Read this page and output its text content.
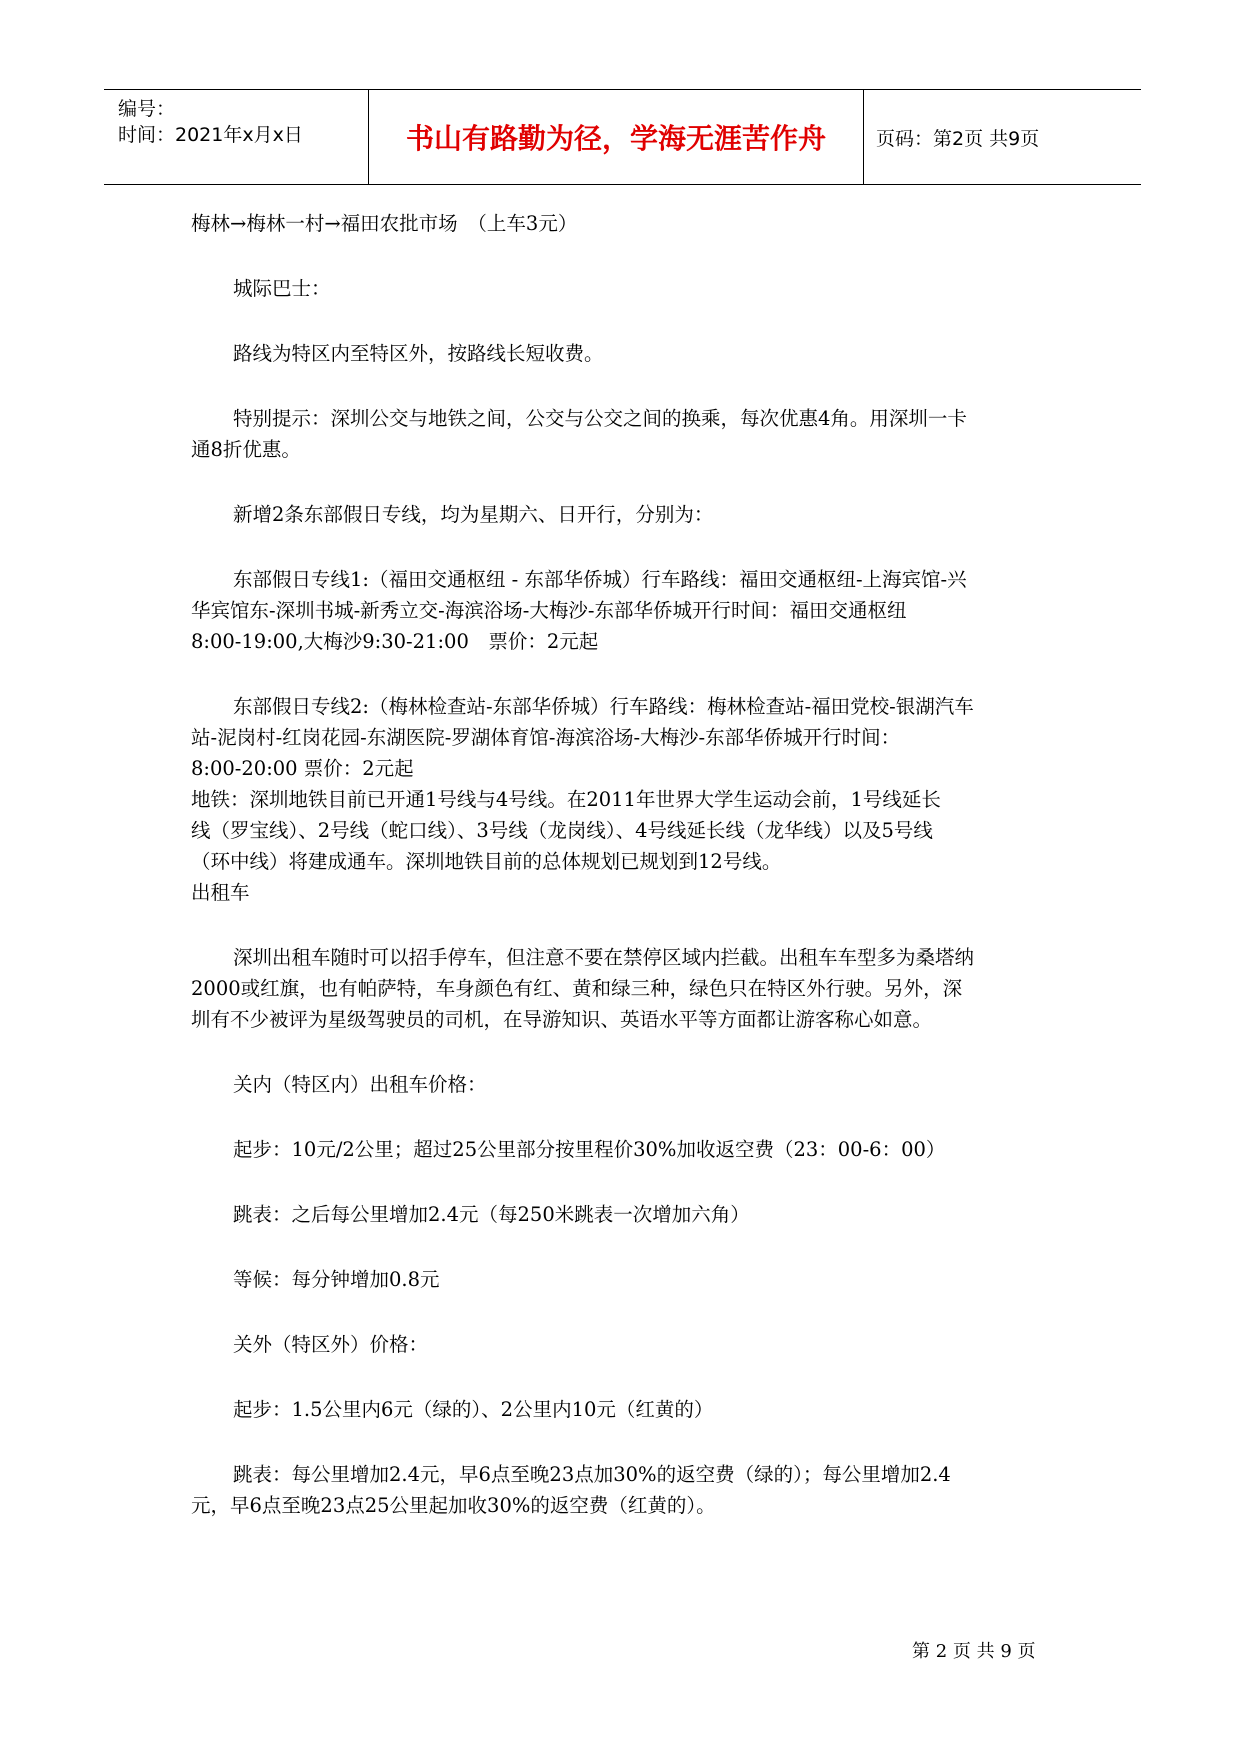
编号：
时间：2021年x月x日	书山有路勤为径，学海无涯苦作舟	页码：第2页 共9页
梅林→梅林一村→福田农批市场　（上车3元）
城际巴士：
路线为特区内至特区外，按路线长短收费。
特别提示：深圳公交与地铁之间，公交与公交之间的换乘，每次优惠4角。用深圳一卡
通8折优惠。
新增2条东部假日专线，均为星期六、日开行，分别为：
东部假日专线1:（福田交通枢纽 - 东部华侨城）行车路线：福田交通枢纽-上海宾馆-兴
华宾馆东-深圳书城-新秀立交-海滨浴场-大梅沙-东部华侨城开行时间：福田交通枢纽
8:00-19:00,大梅沙9:30-21:00　票价：2元起
东部假日专线2:（梅林检查站-东部华侨城）行车路线：梅林检查站-福田党校-银湖汽车
站-泥岗村-红岗花园-东湖医院-罗湖体育馆-海滨浴场-大梅沙-东部华侨城开行时间：
8:00-20:00 票价：2元起
地铁：深圳地铁目前已开通1号线与4号线。在2011年世界大学生运动会前，1号线延长
线（罗宝线）、2号线（蛇口线）、3号线（龙岗线）、4号线延长线（龙华线）以及5号线
（环中线）将建成通车。深圳地铁目前的总体规划已规划到12号线。
出租车
深圳出租车随时可以招手停车，但注意不要在禁停区域内拦截。出租车车型多为桑塔纳
2000或红旗，也有帕萨特，车身颜色有红、黄和绿三种，绿色只在特区外行驶。另外，深
圳有不少被评为星级驾驶员的司机，在导游知识、英语水平等方面都让游客称心如意。
关内（特区内）出租车价格：
起步：10元/2公里；超过25公里部分按里程价30%加收返空费（23：00-6：00）
跳表：之后每公里增加2.4元（每250米跳表一次增加六角）
等候：每分钟增加0.8元
关外（特区外）价格：
起步：1.5公里内6元（绿的）、2公里内10元（红黄的）
跳表：每公里增加2.4元，早6点至晚23点加30%的返空费（绿的）；每公里增加2.4
元，早6点至晚23点25公里起加收30%的返空费（红黄的）。
第 2 页 共 9 页
